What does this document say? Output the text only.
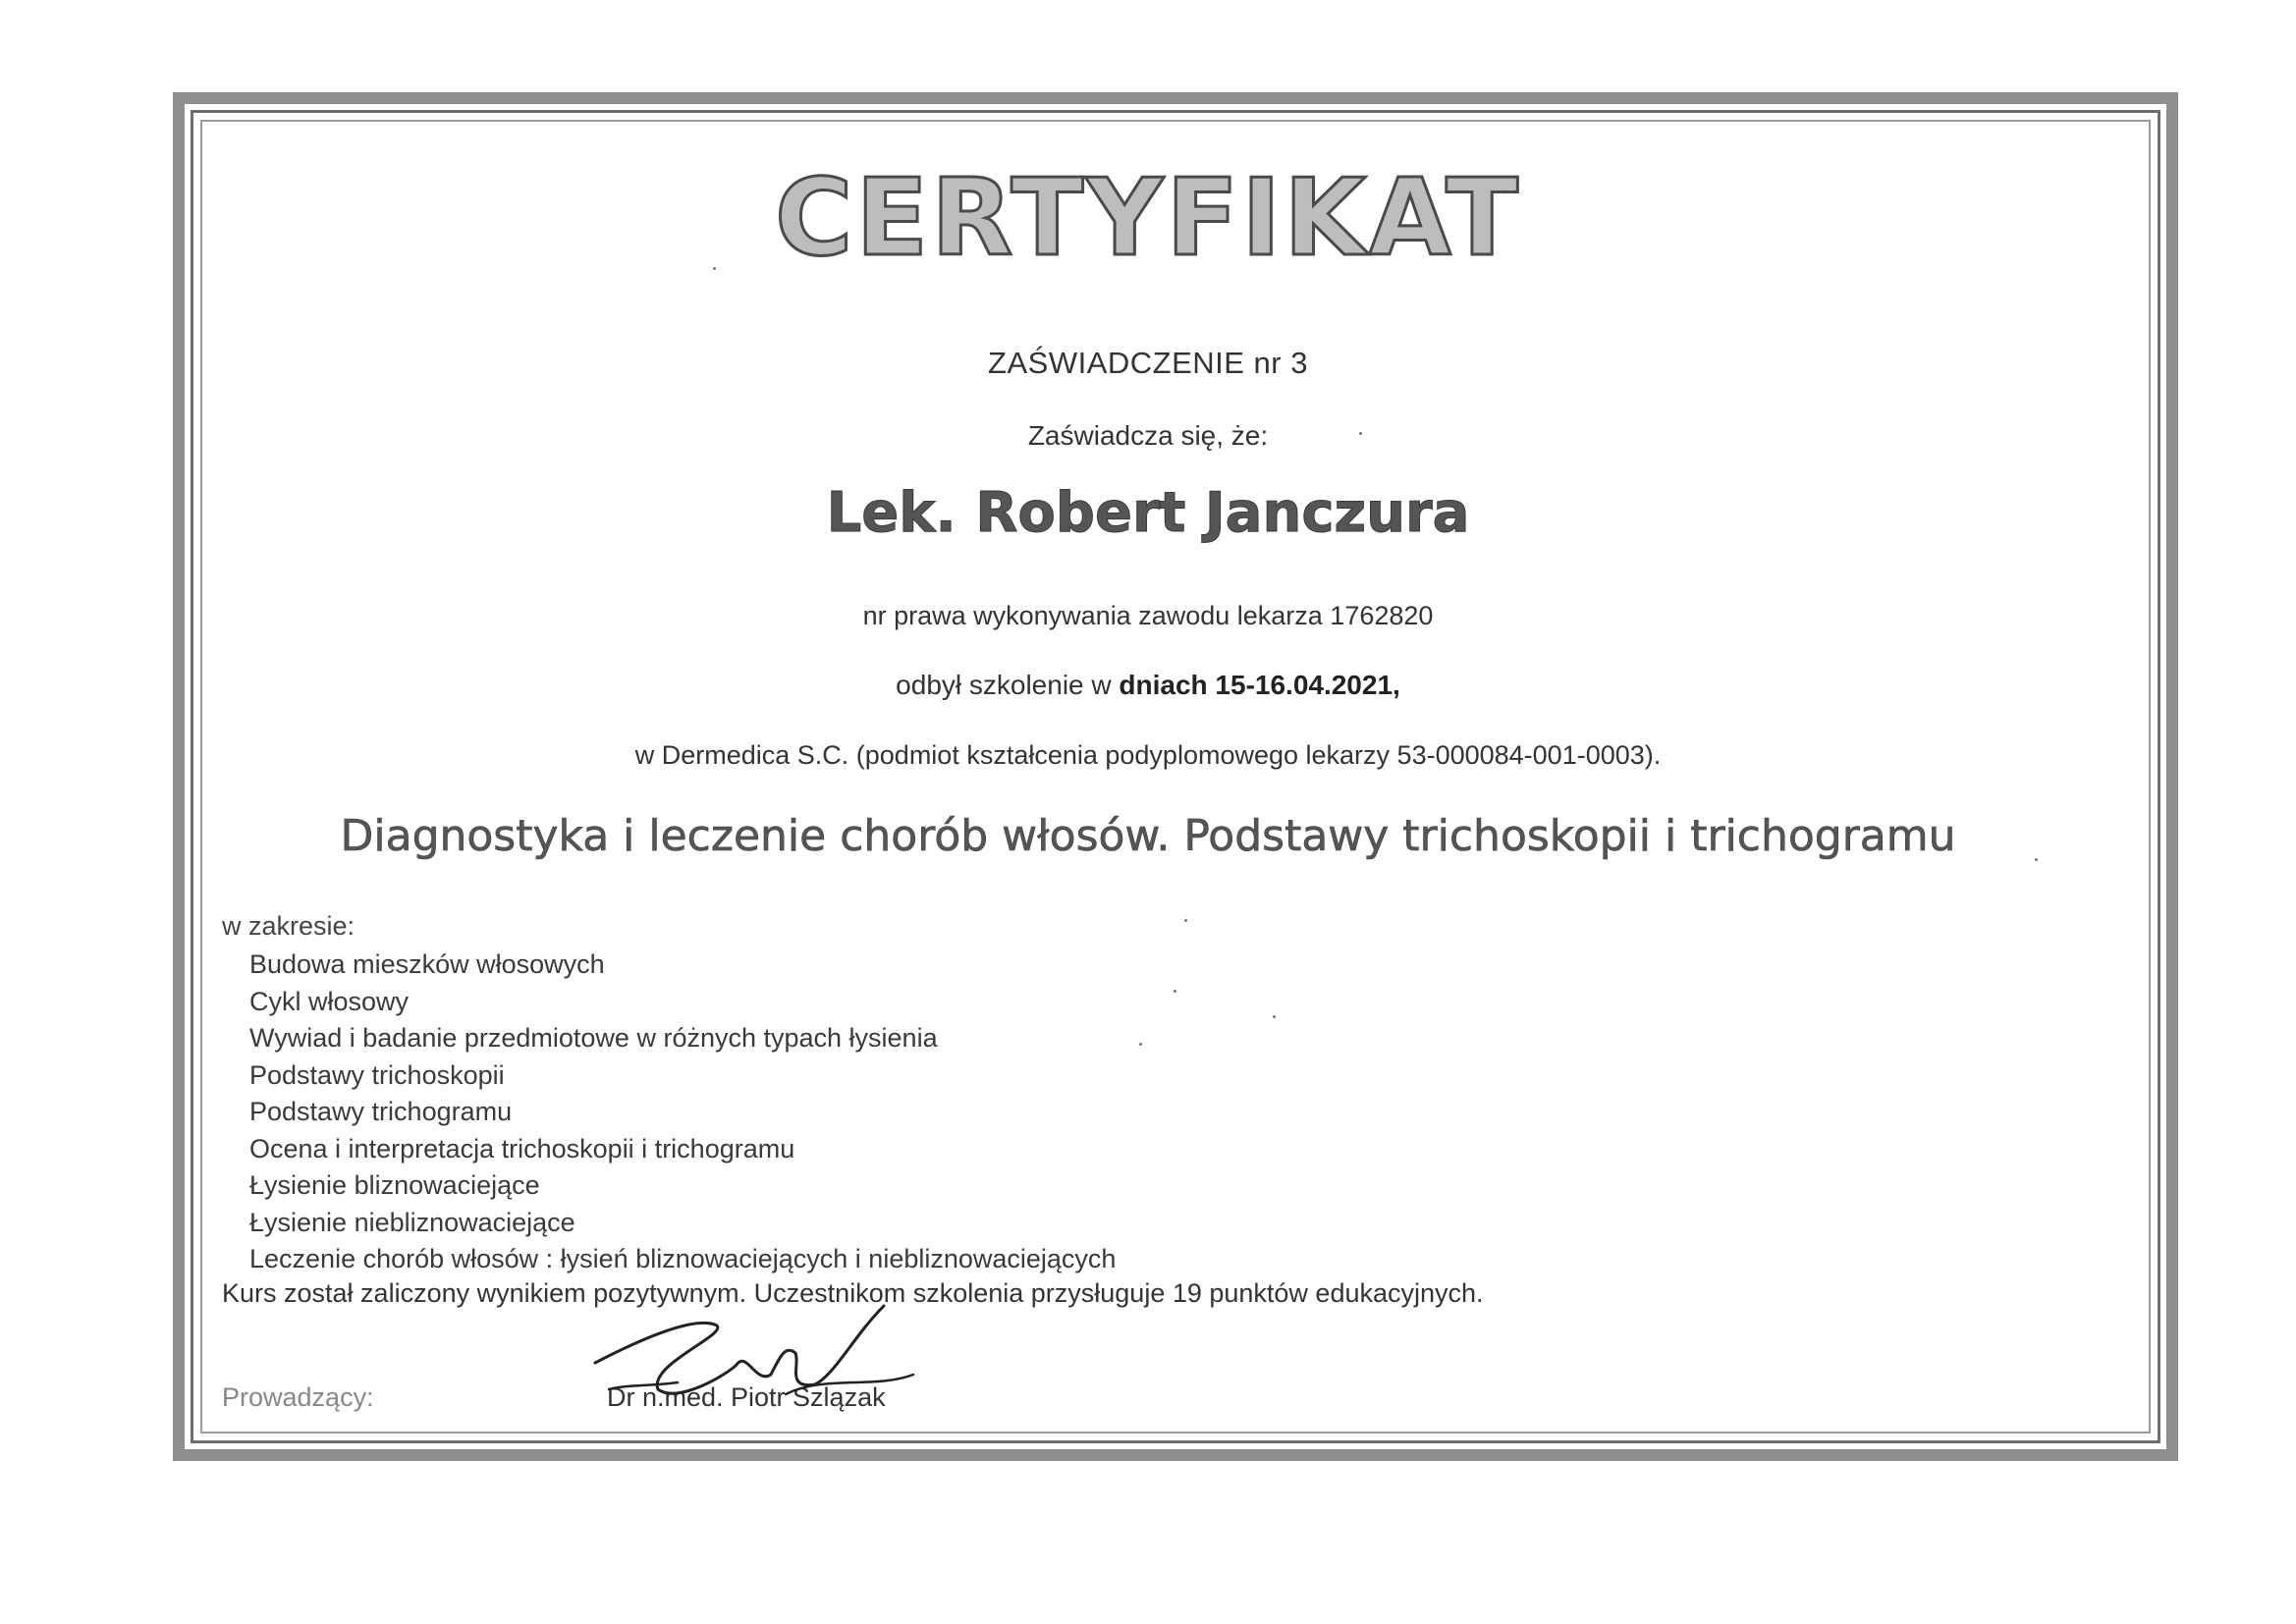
CERTYFIKAT
ZAŚWIADCZENIE nr 3
Zaświadcza się, że:
Lek. Robert Janczura
nr prawa wykonywania zawodu lekarza 1762820
odbył szkolenie w dniach 15-16.04.2021,
w Dermedica S.C. (podmiot kształcenia podyplomowego lekarzy 53-000084-001-0003).
Diagnostyka i leczenie chorób włosów. Podstawy trichoskopii i trichogramu
w zakresie:
Budowa mieszków włosowych
Cykl włosowy
Wywiad i badanie przedmiotowe w różnych typach łysienia
Podstawy trichoskopii
Podstawy trichogramu
Ocena i interpretacja trichoskopii i trichogramu
Łysienie bliznowaciejące
Łysienie niebliznowaciejące
Leczenie chorób włosów : łysień bliznowaciejących i niebliznowaciejących
Kurs został zaliczony wynikiem pozytywnym. Uczestnikom szkolenia przysługuje 19 punktów edukacyjnych.
Prowadzący:	Dr n.med. Piotr Szlązak
